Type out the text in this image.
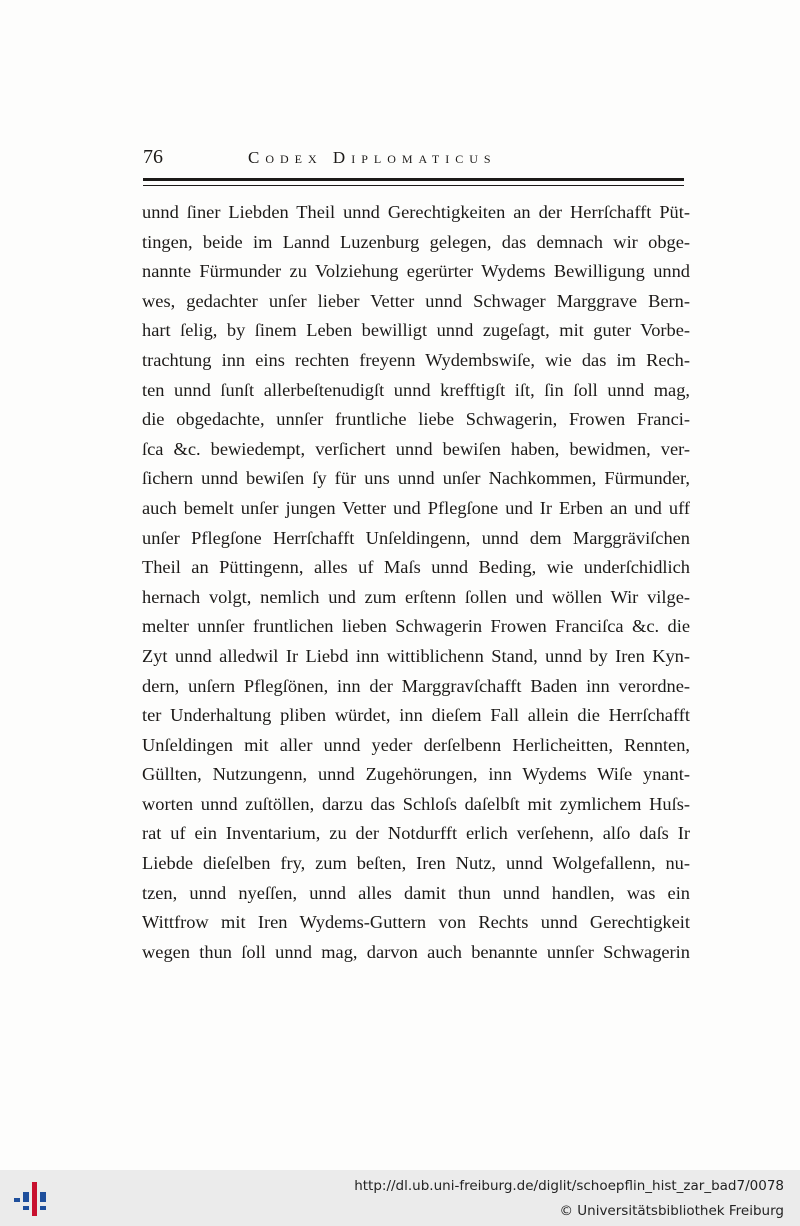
76	Codex Diplomaticus
unnd ſiner Liebden Theil unnd Gerechtigkeiten an der Herrſchafft Püt-
tingen, beide im Lannd Luzenburg gelegen, das demnach wir obge-
nannte Fürmunder zu Volziehung egerürter Wydems Bewilligung unnd
wes, gedachter unſer lieber Vetter unnd Schwager Marggrave Bern-
hart ſelig, by ſinem Leben bewilligt unnd zugeſagt, mit guter Vorbe-
trachtung inn eins rechten freyenn Wydembswiſe, wie das im Rech-
ten unnd ſunſt allerbeſtenudigſt unnd krefftigſt iſt, ſin ſoll unnd mag,
die obgedachte, unnſer fruntliche liebe Schwagerin, Frowen Franci-
ſca &c. bewiedempt, verſichert unnd bewiſen haben, bewidmen, ver-
ſichern unnd bewiſen ſy für uns unnd unſer Nachkommen, Fürmunder,
auch bemelt unſer jungen Vetter und Pflegſone und Ir Erben an und uff
unſer Pflegſone Herrſchafft Unſeldingenn, unnd dem Marggräviſchen
Theil an Püttingenn, alles uf Maſs unnd Beding, wie underſchidlich
hernach volgt, nemlich und zum erſtenn ſollen und wöllen Wir vilge-
melter unnſer fruntlichen lieben Schwagerin Frowen Franciſca &c. die
Zyt unnd alledwil Ir Liebd inn wittiblichenn Stand, unnd by Iren Kyn-
dern, unſern Pflegſönen, inn der Marggravſchafft Baden inn verordne-
ter Underhaltung pliben würdet, inn dieſem Fall allein die Herrſchafft
Unſeldingen mit aller unnd yeder derſelbenn Herlicheitten, Rennten,
Güllten, Nutzungenn, unnd Zugehörungen, inn Wydems Wiſe ynant-
worten unnd zuſtöllen, darzu das Schloſs daſelbſt mit zymlichem Huſs-
rat uf ein Inventarium, zu der Notdurfft erlich verſehenn, alſo daſs Ir
Liebde dieſelben fry, zum beſten, Iren Nutz, unnd Wolgefallenn, nu-
tzen, unnd nyeſſen, unnd alles damit thun unnd handlen, was ein
Wittfrow mit Iren Wydems-Guttern von Rechts unnd Gerechtigkeit
wegen thun ſoll unnd mag, darvon auch benannte unnſer Schwagerin
http://dl.ub.uni-freiburg.de/diglit/schoepflin_hist_zar_bad7/0078
© Universitätsbibliothek Freiburg
